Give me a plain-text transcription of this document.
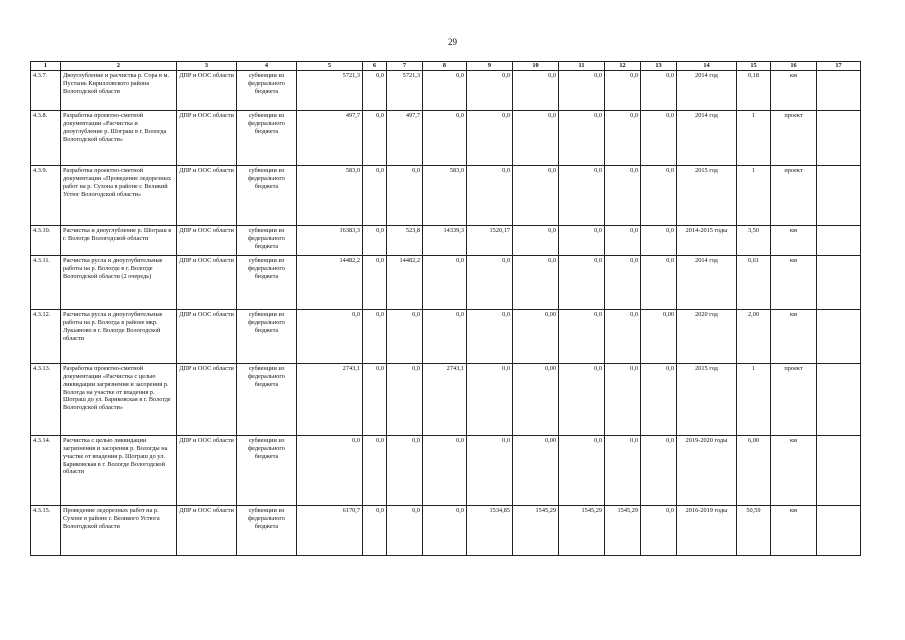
29
1	2	3	4	5	6	7	8	9	10	11	12	13	14	15	16	17
4.3.7.	Двоуглубление и расчистка р. Сора в м. Пустынь Кирилловского района Вологодской области	ДПР и ООС области	субвенции из федерального бюджета	5721,3	0,0	5721,3	0,0	0,0	0,0	0,0	0,0	0,0	2014 год	0,18	км	
4.3.8.	Разработка проектно-сметной документации «Расчистка и дноуглубление р. Шограш в г. Вологда Вологодской области»	ДПР и ООС области	субвенции из федерального бюджета	497,7	0,0	497,7	0,0	0,0	0,0	0,0	0,0	0,0	2014 год	1	проект	
4.3.9.	Разработка проектно-сметной документации «Проведение ледорезных работ на р. Сухона в районе г. Великий Устюг Вологодской области»	ДПР и ООС области	субвенции из федерального бюджета	583,0	0,0	0,0	583,0	0,0	0,0	0,0	0,0	0,0	2015 год	1	проект	
4.3.10.	Расчистка и дноуглубление р. Шограш в г. Вологде Вологодской области	ДПР и ООС области	субвенции из федерального бюджета	16383,3	0,0	523,8	14339,3	1520,17	0,0	0,0	0,0	0,0	2014-2015 годы	3,50	км	
4.3.11.	Расчистка русла и дноуглубительные работы на р. Вологде в г. Вологде Вологодской области (2 очередь)	ДПР и ООС области	субвенции из федерального бюджета	14482,2	0,0	14482,2	0,0	0,0	0,0	0,0	0,0	0,0	2014 год	0,61	км	
4.3.12.	Расчистка русла и дноуглубительные работы на р. Вологда в районе мкр. Лукьяново в г. Вологде Вологодской области	ДПР и ООС области	субвенции из федерального бюджета	0,0	0,0	0,0	0,0	0,0	0,00	0,0	0,0	0,00	2020 год	2,00	км	
4.3.13.	Разработка проектно-сметной документации «Расчистка с целью ликвидации загрязнения и засорения р. Вологда на участке от впадения р. Шограш до ул. Бариковская в г. Вологде Вологодской области»	ДПР и ООС области	субвенции из федерального бюджета	2743,1	0,0	0,0	2743,1	0,0	0,00	0,0	0,0	0,0	2015 год	1	проект	
4.3.14.	Расчистка с целью ликвидации загрязнения и засорения р. Вологды на участке от впадения р. Шограш до ул. Бариковская в г. Вологде Вологодской области	ДПР и ООС области	субвенции из федерального бюджета	0,0	0,0	0,0	0,0	0,0	0,00	0,0	0,0	0,0	2019-2020 годы	6,00	км	
4.3.15.	Проведение ледорезных работ на р. Сухоне в районе г. Великого Устюга Вологодской области	ДПР и ООС области	субвенции из федерального бюджета	6170,7	0,0	0,0	0,0	1534,85	1545,29	1545,29	1545,29	0,0	2016-2019 годы	50,59	км	
